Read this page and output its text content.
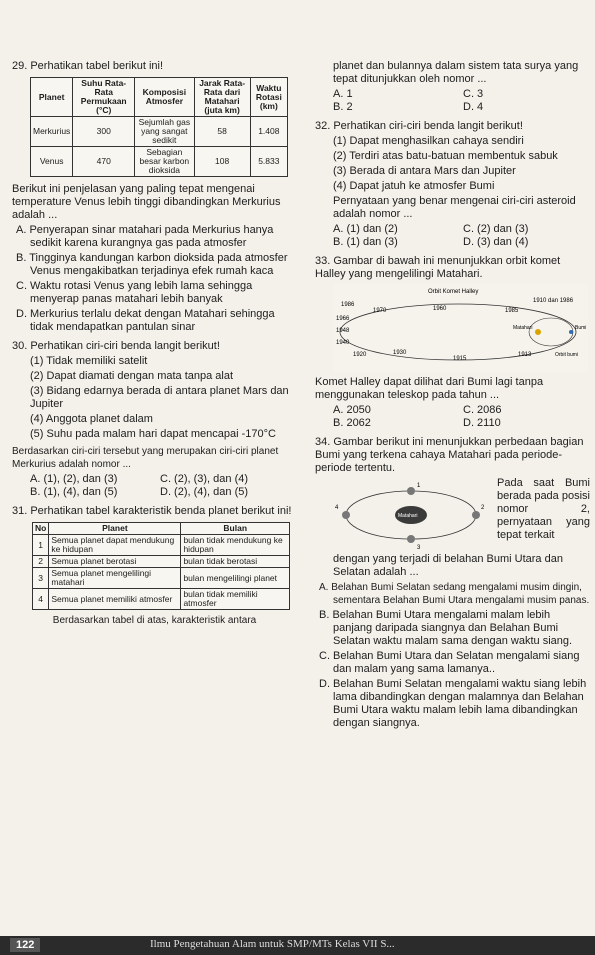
29. Perhatikan tabel berikut ini!

Planet	Suhu Rata-Rata Permukaan (°C)	Komposisi Atmosfer	Jarak Rata-Rata dari Matahari (juta km)	Waktu Rotasi (km)
Merkurius	300	Sejumlah gas yang sangat sedikit	58	1.408
Venus	470	Sebagian besar karbon dioksida	108	5.833

Berikut ini penjelasan yang paling tepat mengenai temperature Venus lebih tinggi dibandingkan Merkurius adalah ...

A. Penyerapan sinar matahari pada Merkurius hanya sedikit karena kurangnya gas pada atmosfer

B. Tingginya kandungan karbon dioksida pada atmosfer Venus mengakibatkan terjadinya efek rumah kaca

C. Waktu rotasi Venus yang lebih lama sehingga menyerap panas matahari lebih banyak

D. Merkurius terlalu dekat dengan Matahari sehingga tidak mendapatkan pantulan sinar

30. Perhatikan ciri-ciri benda langit berikut!

(1) Tidak memiliki satelit

(2) Dapat diamati dengan mata tanpa alat

(3) Bidang edarnya berada di antara planet Mars dan Jupiter

(4) Anggota planet dalam

(5) Suhu pada malam hari dapat mencapai -170°C

Berdasarkan ciri-ciri tersebut yang merupakan ciri-ciri planet Merkurius adalah nomor ...

A. (1), (2), dan (3)	C. (2), (3), dan (4)
B. (1), (4), dan (5)	D. (2), (4), dan (5)

31. Perhatikan tabel karakteristik benda planet berikut ini!

No	Planet	Bulan
1	Semua planet dapat mendukung ke hidupan	bulan tidak mendukung ke hidupan
2	Semua planet berotasi	bulan tidak berotasi
3	Semua planet mengelilingi matahari	bulan mengelilingi planet
4	Semua planet memiliki atmosfer	bulan tidak memiliki atmosfer

Berdasarkan tabel di atas, karakteristik antara

planet dan bulannya dalam sistem tata surya yang tepat ditunjukkan oleh nomor ...

A. 1	C. 3
B. 2	D. 4

32. Perhatikan ciri-ciri benda langit berikut!

(1) Dapat menghasilkan cahaya sendiri

(2) Terdiri atas batu-batuan membentuk sabuk

(3) Berada di antara Mars dan Jupiter

(4) Dapat jatuh ke atmosfer Bumi

Pernyataan yang benar mengenai ciri-ciri asteroid adalah nomor ...

A. (1) dan (2)	C. (2) dan (3)
B. (1) dan (3)	D. (3) dan (4)

33. Gambar di bawah ini menunjukkan orbit komet Halley yang mengelilingi Matahari.

Orbit Komet Halley
1986
1970	1960
1910 dan 1986
1985
1966
1948	Matahari	Bumi
1920	1930
1915
1913	Orbit bumi
1940

Komet Halley dapat dilihat dari Bumi lagi tanpa menggunakan teleskop pada tahun ...

A. 2050	C. 2086
B. 2062	D. 2110

34. Gambar berikut ini menunjukkan perbedaan bagian Bumi yang terkena cahaya Matahari pada periode-periode tertentu.

Matahari
1
2
3
4

Pada saat Bumi berada pada posisi nomor 2, pernyataan yang tepat terkait

dengan yang terjadi di belahan Bumi Utara dan Selatan adalah ...

A. Belahan Bumi Selatan sedang mengalami musim dingin, sementara Belahan Bumi Utara mengalami musim panas.

B. Belahan Bumi Utara mengalami malam lebih panjang daripada siangnya dan Belahan Bumi Selatan waktu malam sama dengan waktu siang.

C. Belahan Bumi Utara dan Selatan mengalami siang dan malam yang sama lamanya..

D. Belahan Bumi Selatan mengalami waktu siang lebih lama dibandingkan dengan malamnya dan Belahan Bumi Utara waktu malam lebih lama dibandingkan dengan siangnya.

122	Ilmu Pengetahuan Alam untuk SMP/MTs Kelas VII S...
